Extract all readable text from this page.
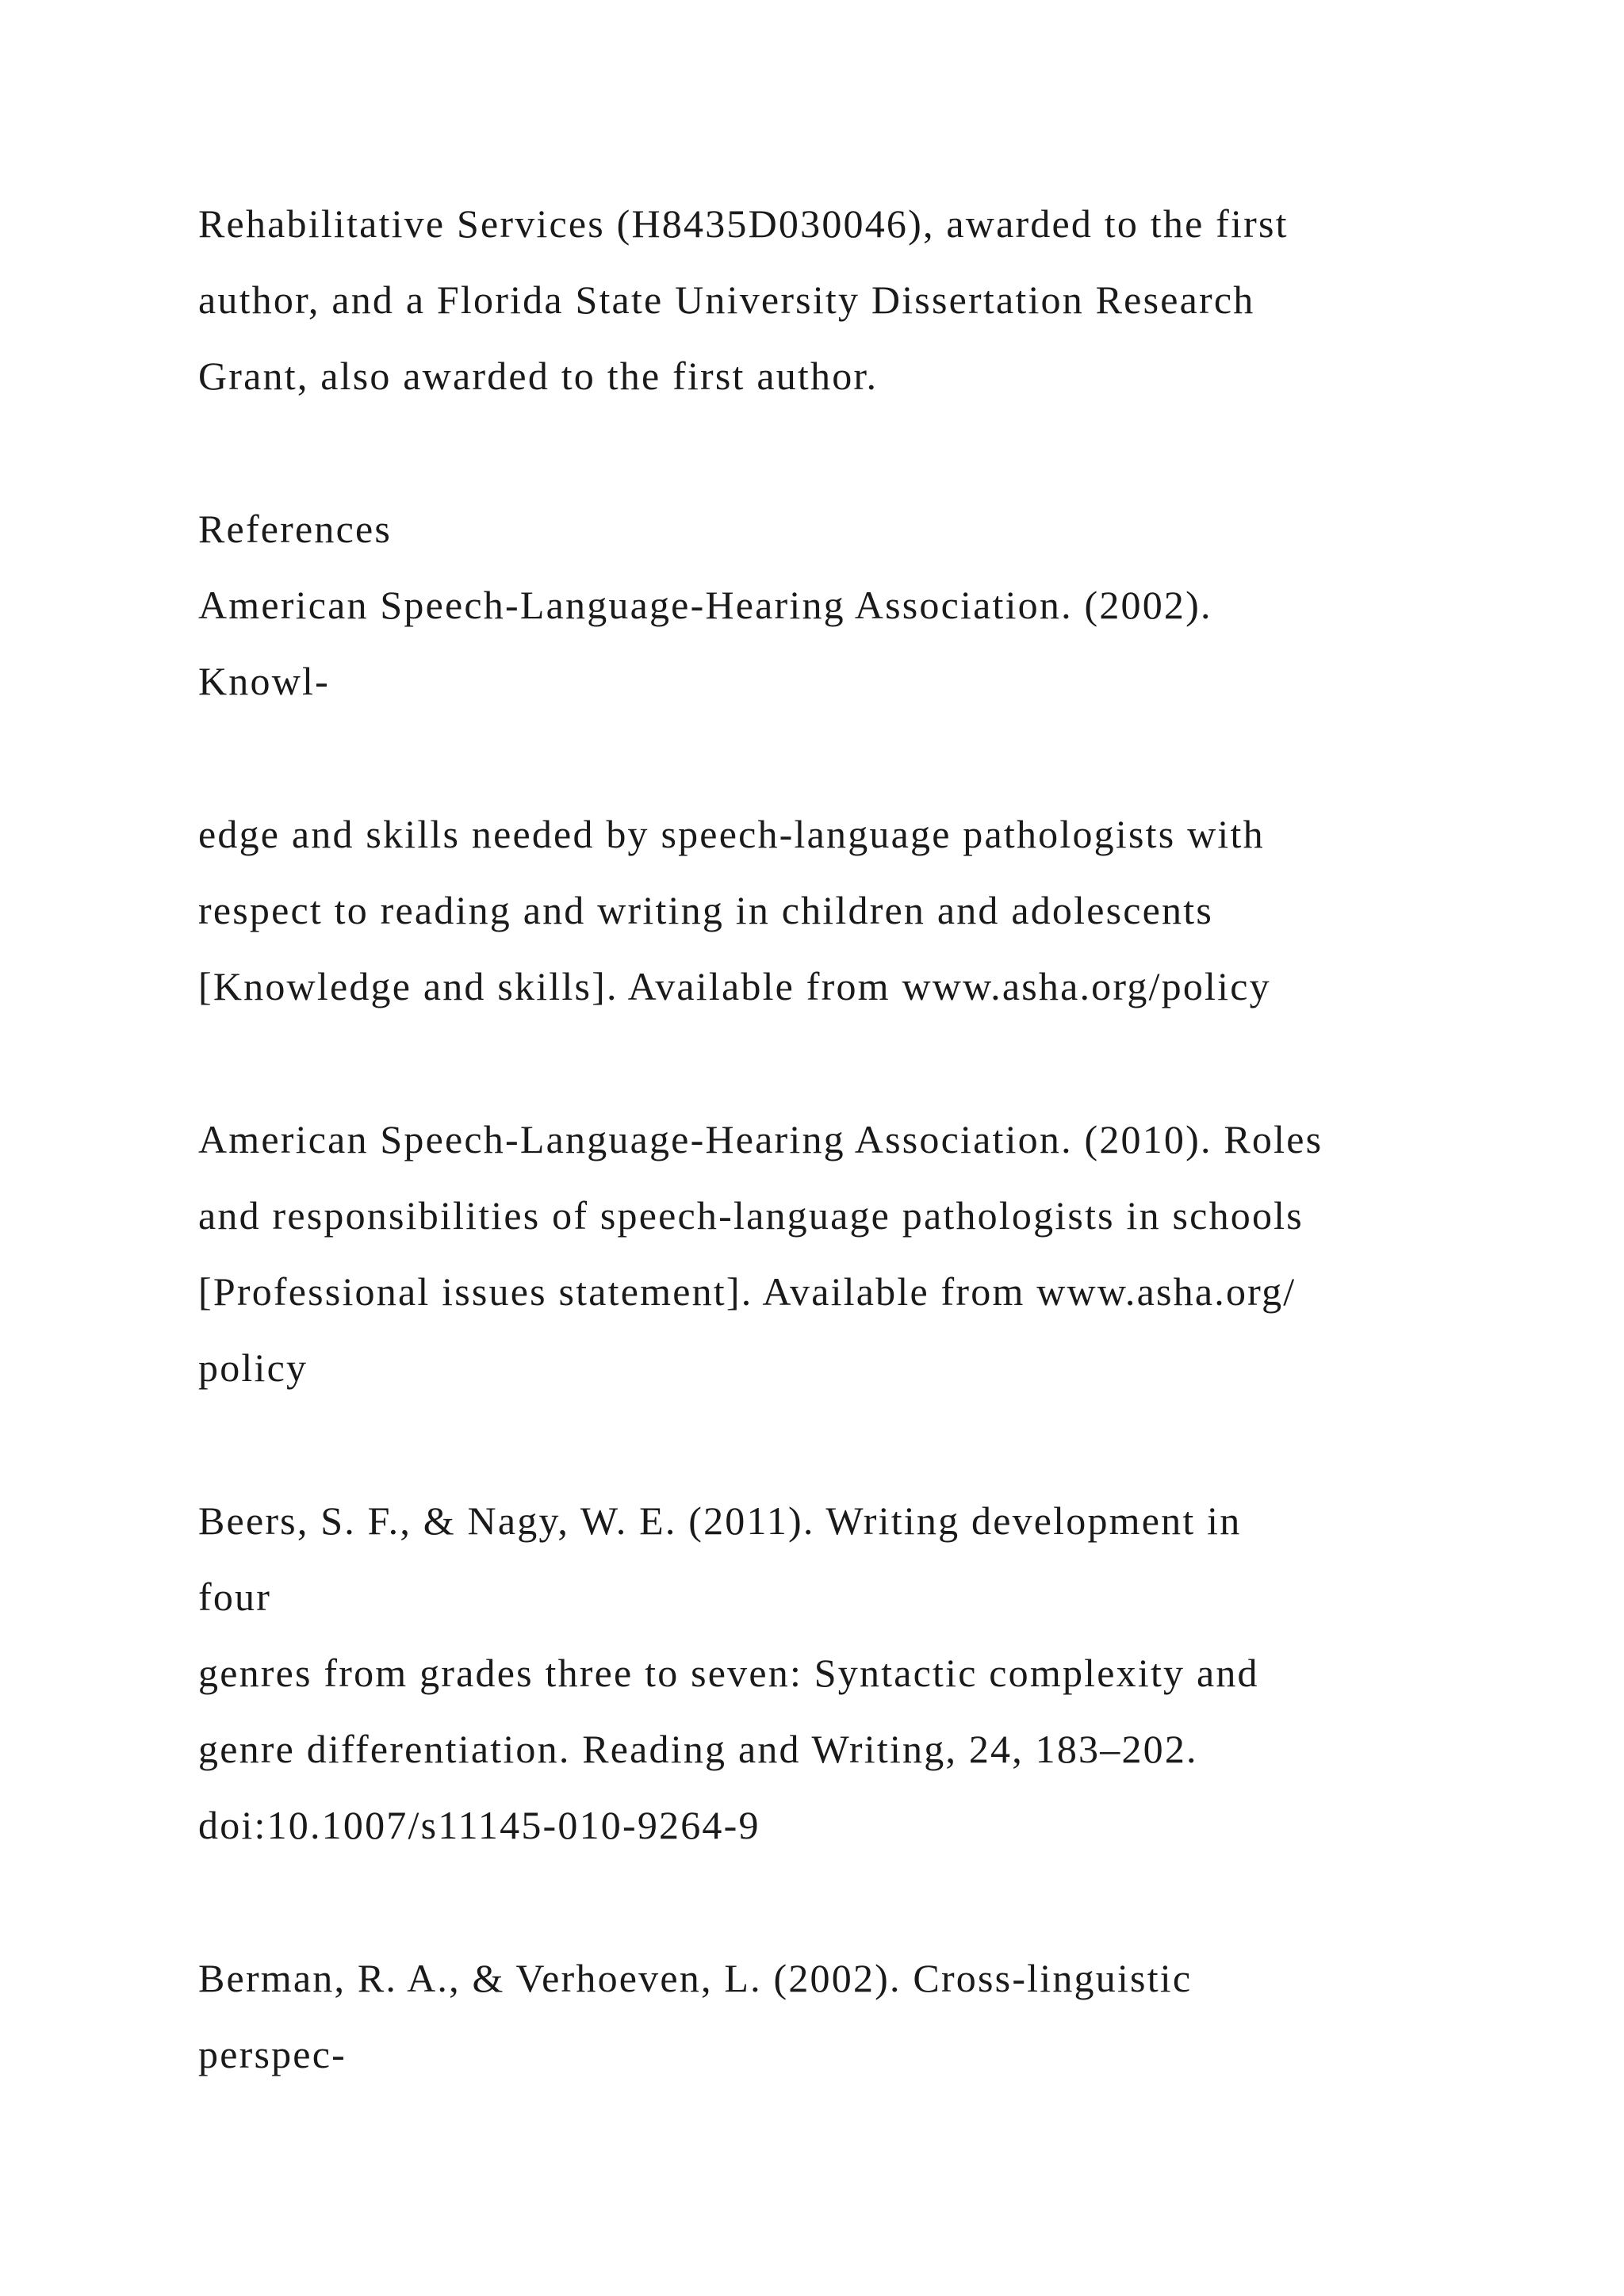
Rehabilitative Services (H8435D030046), awarded to the first

author, and a Florida State University Dissertation Research

Grant, also awarded to the first author.

References

American Speech-Language-Hearing Association. (2002).

Knowl-

edge and skills needed by speech-language pathologists with

respect to reading and writing in children and adolescents

[Knowledge and skills]. Available from www.asha.org/policy

American Speech-Language-Hearing Association. (2010). Roles

and responsibilities of speech-language pathologists in schools

[Professional issues statement]. Available from www.asha.org/

policy

Beers, S. F., & Nagy, W. E. (2011). Writing development in

four

genres from grades three to seven: Syntactic complexity and

genre differentiation. Reading and Writing, 24, 183–202.

doi:10.1007/s11145-010-9264-9

Berman, R. A., & Verhoeven, L. (2002). Cross-linguistic

perspec-
